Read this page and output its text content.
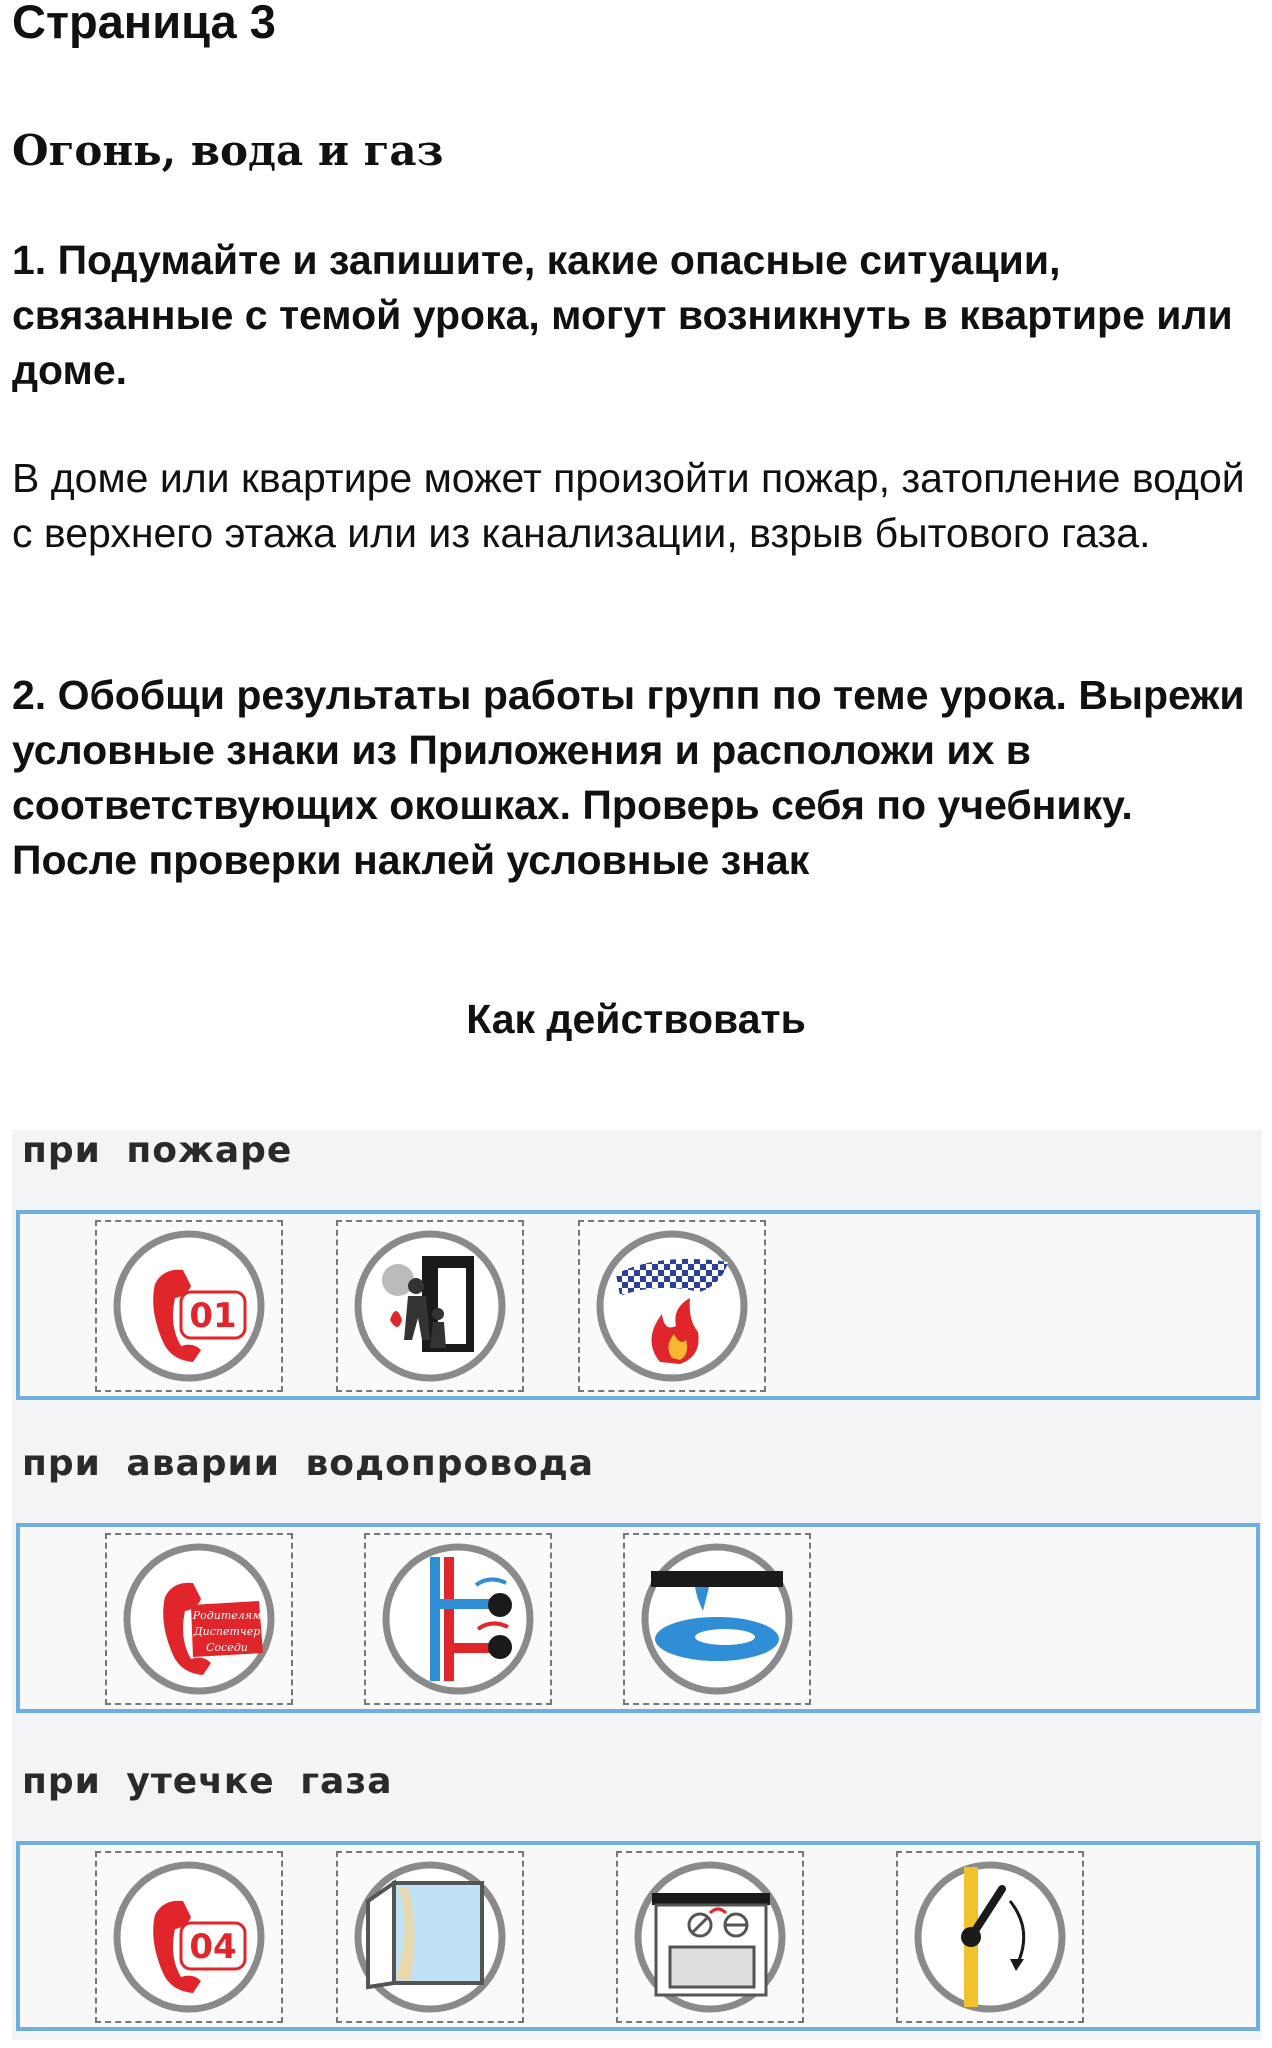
Страница 3
Огонь, вода и газ

1. Подумайте и запишите, какие опасные ситуации, связанные с темой урока, могут возникнуть в квартире или доме.

В доме или квартире может произойти пожар, затопление водой с верхнего этажа или из канализации, взрыв бытового газа.

2. Обобщи результаты работы групп по теме урока. Вырежи условные знаки из Приложения и расположи их в соответствующих окошках. Проверь себя по учебнику. После проверки наклей условные знак

Как действовать
при пожаре
01
при аварии водопровода
Родителям
Диспетчер
Соседи
при утечке газа
04
